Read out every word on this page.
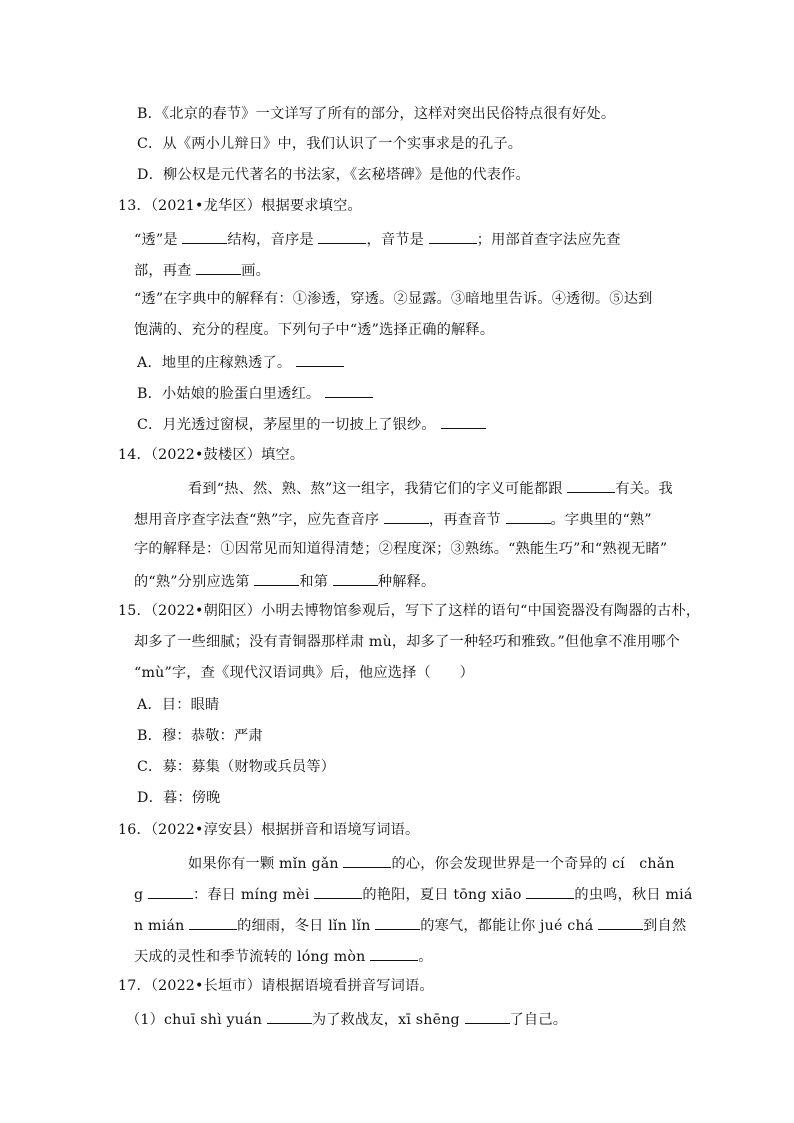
B．《北京的春节》一文详写了所有的部分，这样对突出民俗特点很有好处。
C．从《两小儿辩日》中，我们认识了一个实事求是的孔子。
D．柳公权是元代著名的书法家，《玄秘塔碑》是他的代表作。
13．（2021•龙华区）根据要求填空。
“透”是	结构，音序是	，音节是	；用部首查字法应先查
部，再查	画。
“透”在字典中的解释有：①渗透，穿透。②显露。③暗地里告诉。④透彻。⑤达到
饱满的、充分的程度。下列句子中“透”选择正确的解释。
A．地里的庄稼熟透了。
B．小姑娘的脸蛋白里透红。
C．月光透过窗棂，茅屋里的一切披上了银纱。
14．（2022•鼓楼区）填空。
看到“热、然、熟、熬”这一组字，我猜它们的字义可能都跟	有关。我
想用音序查字法查“熟”字，应先查音序	，再查音节	。字典里的“熟”
字的解释是：①因常见而知道得清楚；②程度深；③熟练。“熟能生巧”和“熟视无睹”
的“熟”分别应选第	和第	种解释。
15．（2022•朝阳区）小明去博物馆参观后，写下了这样的语句“中国瓷器没有陶器的古朴，
却多了一些细腻；没有青铜器那样肃 mù，却多了一种轻巧和雅致。”但他拿不准用哪个
“mù”字，查《现代汉语词典》后，他应选择（　　）
A．目：眼睛
B．穆：恭敬：严肃
C．募：募集（财物或兵员等）
D．暮：傍晚
16．（2022•淳安县）根据拼音和语境写词语。
如果你有一颗 mǐn gǎn	的心，你会发现世界是一个奇异的 cí　chǎn
g	：春日 míng mèi	的艳阳，夏日 tōng xiāo	的虫鸣，秋日 miá
n mián	的细雨，冬日 lǐn lǐn	的寒气，都能让你 jué chá	到自然
天成的灵性和季节流转的 lóng mòn	。
17．（2022•长垣市）请根据语境看拼音写词语。
（1）chuī shì yuán	为了救战友，xī shēng	了自己。
